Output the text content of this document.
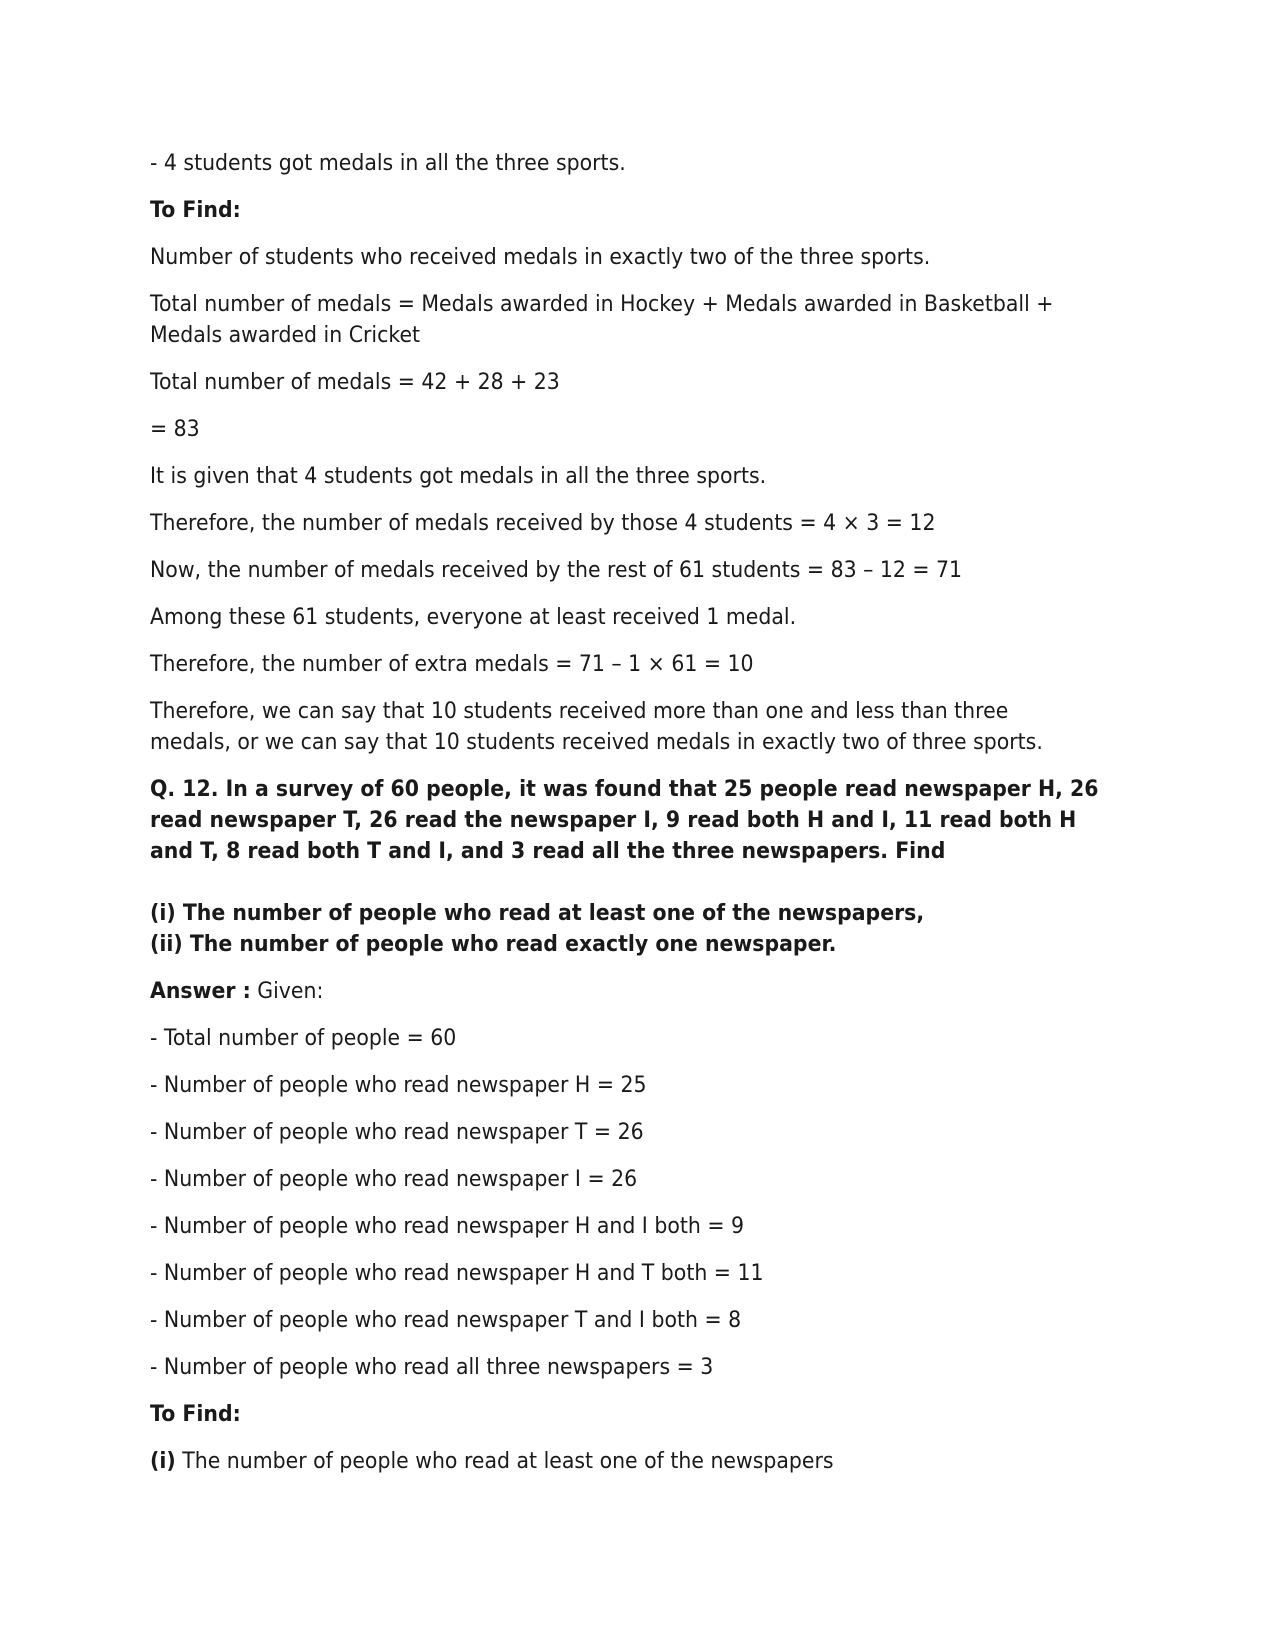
- 4 students got medals in all the three sports.

To Find:

Number of students who received medals in exactly two of the three sports.

Total number of medals = Medals awarded in Hockey + Medals awarded in Basketball +
Medals awarded in Cricket

Total number of medals = 42 + 28 + 23

= 83

It is given that 4 students got medals in all the three sports.

Therefore, the number of medals received by those 4 students = 4 × 3 = 12

Now, the number of medals received by the rest of 61 students = 83 – 12 = 71

Among these 61 students, everyone at least received 1 medal.

Therefore, the number of extra medals = 71 – 1 × 61 = 10

Therefore, we can say that 10 students received more than one and less than three
medals, or we can say that 10 students received medals in exactly two of three sports.

Q. 12. In a survey of 60 people, it was found that 25 people read newspaper H, 26
read newspaper T, 26 read the newspaper I, 9 read both H and I, 11 read both H
and T, 8 read both T and I, and 3 read all the three newspapers. Find

(i) The number of people who read at least one of the newspapers,
(ii) The number of people who read exactly one newspaper.

Answer : Given:

- Total number of people = 60

- Number of people who read newspaper H = 25

- Number of people who read newspaper T = 26

- Number of people who read newspaper I = 26

- Number of people who read newspaper H and I both = 9

- Number of people who read newspaper H and T both = 11

- Number of people who read newspaper T and I both = 8

- Number of people who read all three newspapers = 3

To Find:

(i) The number of people who read at least one of the newspapers
